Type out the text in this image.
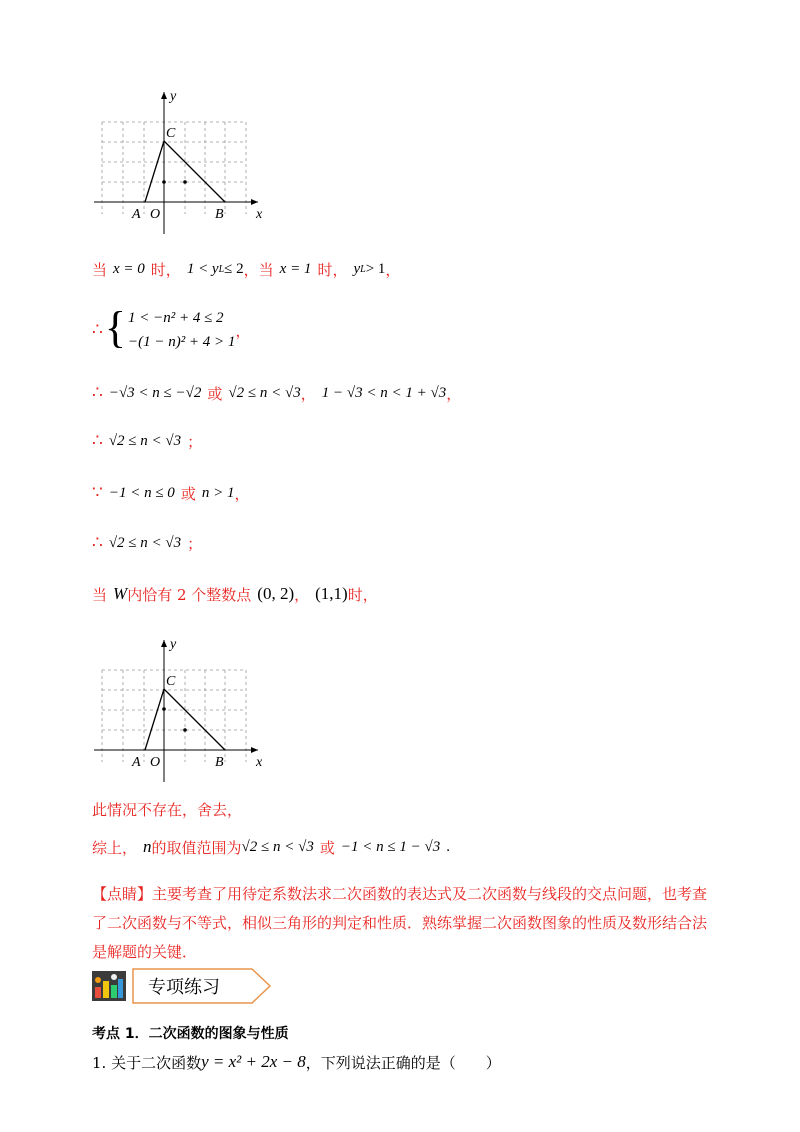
y
C
A O	B x
当 x = 0 时， 1 < y L ≤ 2 ，当 x = 1 时， y L > 1 ，
∴ { 1 < −n² + 4 ≤ 2
−(1 − n)² + 4 > 1
，
∴ −√3 < n ≤ −√2 或 √2 ≤ n < √3 ， 1 − √3 < n < 1 + √3 ，
∴ √2 ≤ n < √3 ；
∵ −1 < n ≤ 0 或 n > 1 ，
∴ √2 ≤ n < √3 ；
当 W 内恰有 2 个整数点 (0, 2) ， (1,1) 时，
y
C
A O	B x
此情况不存在，舍去，
综上， n 的取值范围为 √2 ≤ n < √3 或 −1 < n ≤ 1 − √3 .
【点睛】主要考查了用待定系数法求二次函数的表达式及二次函数与线段的交点问题，也考查了二次函数与不等式，相似三角形的判定和性质．熟练掌握二次函数图象的性质及数形结合法是解题的关键．
专项练习
考点 1．二次函数的图象与性质
1. 关于二次函数 y = x² + 2x − 8 ，下列说法正确的是（　　）
